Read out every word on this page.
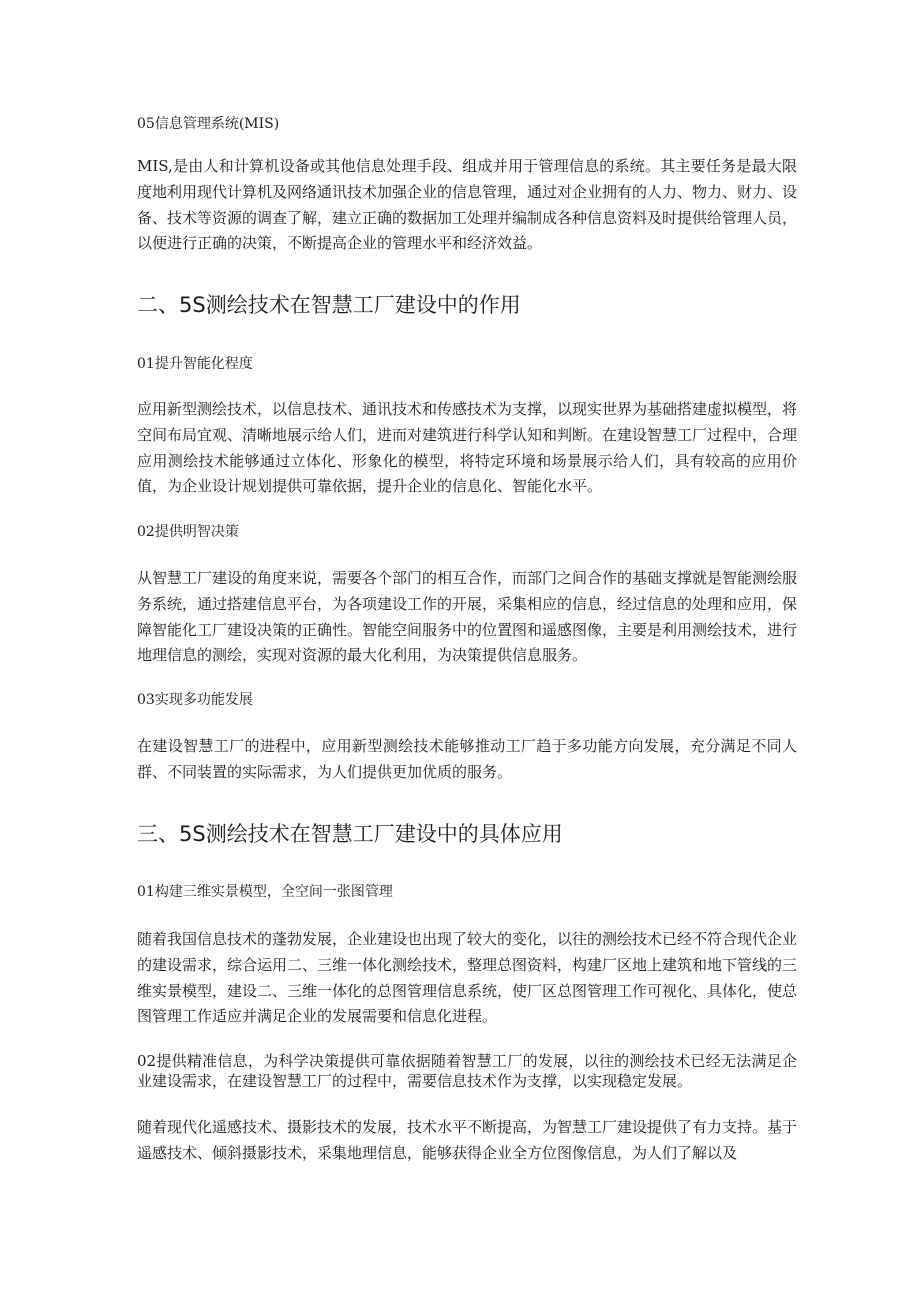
05信息管理系统(MIS)

MIS,是由人和计算机设备或其他信息处理手段、组成并用于管理信息的系统。其主要任务是最大限度地利用现代计算机及网络通讯技术加强企业的信息管理，通过对企业拥有的人力、物力、财力、设备、技术等资源的调查了解，建立正确的数据加工处理并编制成各种信息资料及时提供给管理人员，以便进行正确的决策，不断提高企业的管理水平和经济效益。

二、5S测绘技术在智慧工厂建设中的作用

01提升智能化程度

应用新型测绘技术，以信息技术、通讯技术和传感技术为支撑，以现实世界为基础搭建虚拟模型，将空间布局宜观、清晰地展示给人们，进而对建筑进行科学认知和判断。在建设智慧工厂过程中，合理应用测绘技术能够通过立体化、形象化的模型，将特定环境和场景展示给人们，具有较高的应用价值，为企业设计规划提供可靠依据，提升企业的信息化、智能化水平。

02提供明智决策

从智慧工厂建设的角度来说，需要各个部门的相互合作，而部门之间合作的基础支撑就是智能测绘服务系统，通过搭建信息平台，为各项建设工作的开展，采集相应的信息，经过信息的处理和应用，保障智能化工厂建设决策的正确性。智能空间服务中的位置图和遥感图像，主要是利用测绘技术，进行地理信息的测绘，实现对资源的最大化利用，为决策提供信息服务。

03实现多功能发展

在建设智慧工厂的进程中，应用新型测绘技术能够推动工厂趋于多功能方向发展，充分满足不同人群、不同装置的实际需求，为人们提供更加优质的服务。

三、5S测绘技术在智慧工厂建设中的具体应用

01构建三维实景模型，全空间一张图管理

随着我国信息技术的蓬勃发展，企业建设也出现了较大的变化，以往的测绘技术已经不符合现代企业的建设需求，综合运用二、三维一体化测绘技术，整理总图资料，构建厂区地上建筑和地下管线的三维实景模型，建设二、三维一体化的总图管理信息系统，使厂区总图管理工作可视化、具体化，使总图管理工作适应并满足企业的发展需要和信息化进程。

02提供精准信息，为科学决策提供可靠依据随着智慧工厂的发展，以往的测绘技术已经无法满足企业建设需求，在建设智慧工厂的过程中，需要信息技术作为支撑，以实现稳定发展。

随着现代化遥感技术、摄影技术的发展，技术水平不断提高，为智慧工厂建设提供了有力支持。基于遥感技术、倾斜摄影技术，采集地理信息，能够获得企业全方位图像信息，为人们了解以及
